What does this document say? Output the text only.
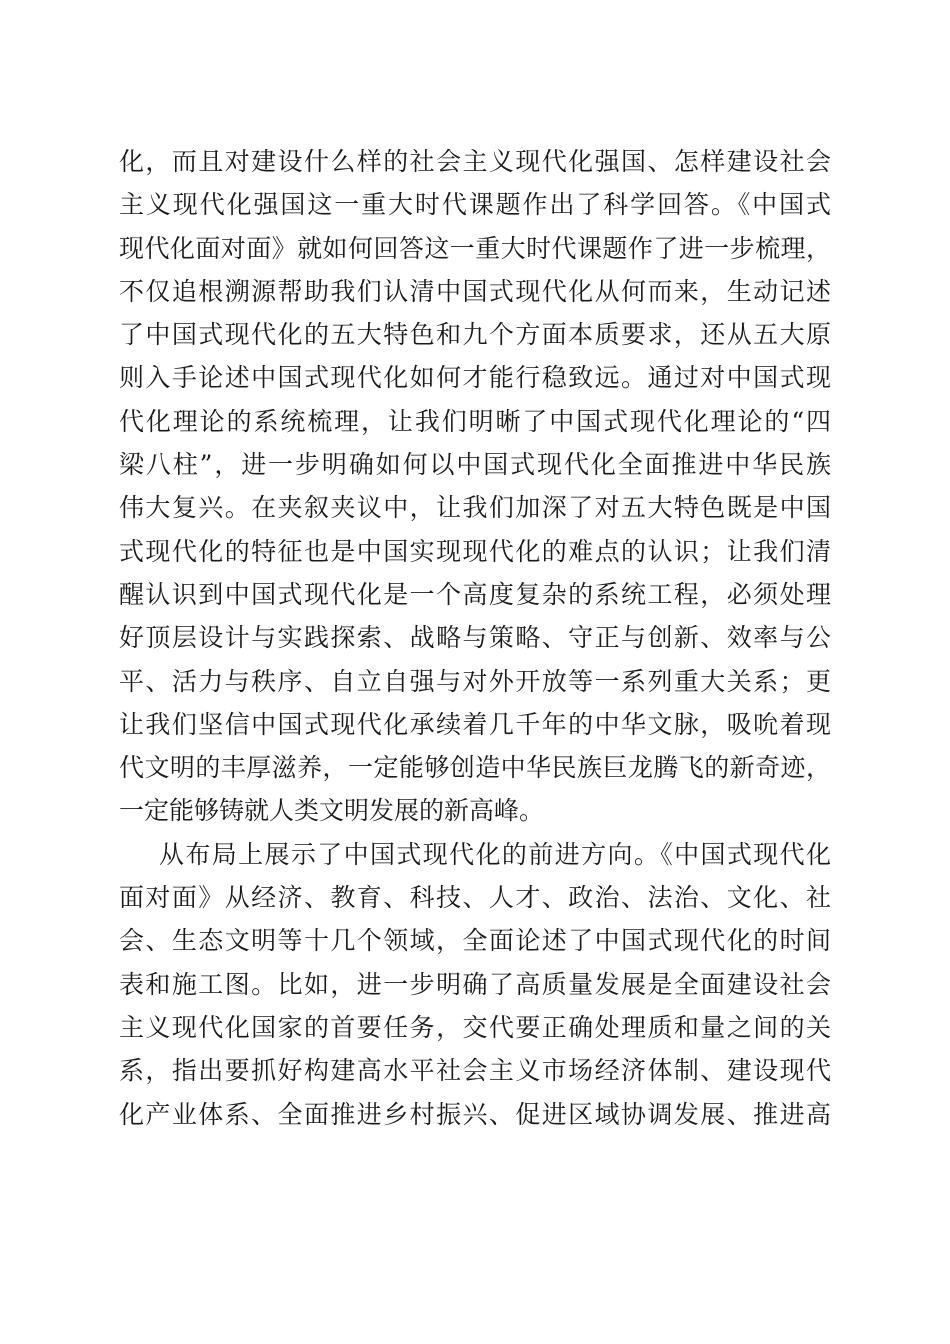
化，而且对建设什么样的社会主义现代化强国、怎样建设社会
主义现代化强国这一重大时代课题作出了科学回答。《中国式
现代化面对面》就如何回答这一重大时代课题作了进一步梳理，
不仅追根溯源帮助我们认清中国式现代化从何而来，生动记述
了中国式现代化的五大特色和九个方面本质要求，还从五大原
则入手论述中国式现代化如何才能行稳致远。通过对中国式现
代化理论的系统梳理，让我们明晰了中国式现代化理论的“四
梁八柱”，进一步明确如何以中国式现代化全面推进中华民族
伟大复兴。在夹叙夹议中，让我们加深了对五大特色既是中国
式现代化的特征也是中国实现现代化的难点的认识；让我们清
醒认识到中国式现代化是一个高度复杂的系统工程，必须处理
好顶层设计与实践探索、战略与策略、守正与创新、效率与公
平、活力与秩序、自立自强与对外开放等一系列重大关系；更
让我们坚信中国式现代化承续着几千年的中华文脉，吸吮着现
代文明的丰厚滋养，一定能够创造中华民族巨龙腾飞的新奇迹，
一定能够铸就人类文明发展的新高峰。
从布局上展示了中国式现代化的前进方向。《中国式现代化
面对面》从经济、教育、科技、人才、政治、法治、文化、社
会、生态文明等十几个领域，全面论述了中国式现代化的时间
表和施工图。比如，进一步明确了高质量发展是全面建设社会
主义现代化国家的首要任务，交代要正确处理质和量之间的关
系，指出要抓好构建高水平社会主义市场经济体制、建设现代
化产业体系、全面推进乡村振兴、促进区域协调发展、推进高
